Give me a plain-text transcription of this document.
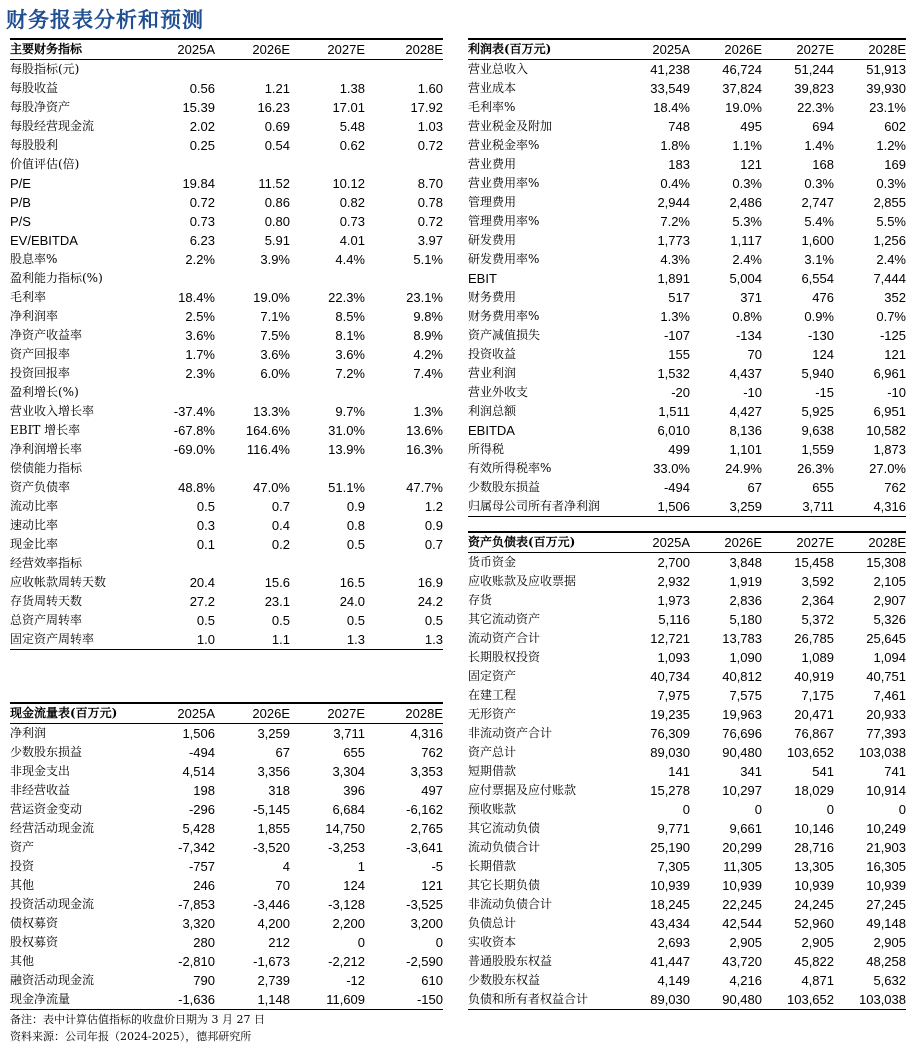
财务报表分析和预测
主要财务指标	2025A	2026E	2027E	2028E
每股指标(元)				
每股收益	0.56	1.21	1.38	1.60
每股净资产	15.39	16.23	17.01	17.92
每股经营现金流	2.02	0.69	5.48	1.03
每股股利	0.25	0.54	0.62	0.72
价值评估(倍)				
P/E	19.84	11.52	10.12	8.70
P/B	0.72	0.86	0.82	0.78
P/S	0.73	0.80	0.73	0.72
EV/EBITDA	6.23	5.91	4.01	3.97
股息率%	2.2%	3.9%	4.4%	5.1%
盈利能力指标(%)				
毛利率	18.4%	19.0%	22.3%	23.1%
净利润率	2.5%	7.1%	8.5%	9.8%
净资产收益率	3.6%	7.5%	8.1%	8.9%
资产回报率	1.7%	3.6%	3.6%	4.2%
投资回报率	2.3%	6.0%	7.2%	7.4%
盈利增长(%)				
营业收入增长率	-37.4%	13.3%	9.7%	1.3%
EBIT 增长率	-67.8%	164.6%	31.0%	13.6%
净利润增长率	-69.0%	116.4%	13.9%	16.3%
偿债能力指标				
资产负债率	48.8%	47.0%	51.1%	47.7%
流动比率	0.5	0.7	0.9	1.2
速动比率	0.3	0.4	0.8	0.9
现金比率	0.1	0.2	0.5	0.7
经营效率指标				
应收帐款周转天数	20.4	15.6	16.5	16.9
存货周转天数	27.2	23.1	24.0	24.2
总资产周转率	0.5	0.5	0.5	0.5
固定资产周转率	1.0	1.1	1.3	1.3
利润表(百万元)	2025A	2026E	2027E	2028E
营业总收入	41,238	46,724	51,244	51,913
营业成本	33,549	37,824	39,823	39,930
毛利率%	18.4%	19.0%	22.3%	23.1%
营业税金及附加	748	495	694	602
营业税金率%	1.8%	1.1%	1.4%	1.2%
营业费用	183	121	168	169
营业费用率%	0.4%	0.3%	0.3%	0.3%
管理费用	2,944	2,486	2,747	2,855
管理费用率%	7.2%	5.3%	5.4%	5.5%
研发费用	1,773	1,117	1,600	1,256
研发费用率%	4.3%	2.4%	3.1%	2.4%
EBIT	1,891	5,004	6,554	7,444
财务费用	517	371	476	352
财务费用率%	1.3%	0.8%	0.9%	0.7%
资产减值损失	-107	-134	-130	-125
投资收益	155	70	124	121
营业利润	1,532	4,437	5,940	6,961
营业外收支	-20	-10	-15	-10
利润总额	1,511	4,427	5,925	6,951
EBITDA	6,010	8,136	9,638	10,582
所得税	499	1,101	1,559	1,873
有效所得税率%	33.0%	24.9%	26.3%	27.0%
少数股东损益	-494	67	655	762
归属母公司所有者净利润	1,506	3,259	3,711	4,316
资产负债表(百万元)	2025A	2026E	2027E	2028E
货币资金	2,700	3,848	15,458	15,308
应收账款及应收票据	2,932	1,919	3,592	2,105
存货	1,973	2,836	2,364	2,907
其它流动资产	5,116	5,180	5,372	5,326
流动资产合计	12,721	13,783	26,785	25,645
长期股权投资	1,093	1,090	1,089	1,094
固定资产	40,734	40,812	40,919	40,751
在建工程	7,975	7,575	7,175	7,461
无形资产	19,235	19,963	20,471	20,933
非流动资产合计	76,309	76,696	76,867	77,393
资产总计	89,030	90,480	103,652	103,038
短期借款	141	341	541	741
应付票据及应付账款	15,278	10,297	18,029	10,914
预收账款	0	0	0	0
其它流动负债	9,771	9,661	10,146	10,249
流动负债合计	25,190	20,299	28,716	21,903
长期借款	7,305	11,305	13,305	16,305
其它长期负债	10,939	10,939	10,939	10,939
非流动负债合计	18,245	22,245	24,245	27,245
负债总计	43,434	42,544	52,960	49,148
实收资本	2,693	2,905	2,905	2,905
普通股股东权益	41,447	43,720	45,822	48,258
少数股东权益	4,149	4,216	4,871	5,632
负债和所有者权益合计	89,030	90,480	103,652	103,038
现金流量表(百万元)	2025A	2026E	2027E	2028E
净利润	1,506	3,259	3,711	4,316
少数股东损益	-494	67	655	762
非现金支出	4,514	3,356	3,304	3,353
非经营收益	198	318	396	497
营运资金变动	-296	-5,145	6,684	-6,162
经营活动现金流	5,428	1,855	14,750	2,765
资产	-7,342	-3,520	-3,253	-3,641
投资	-757	4	1	-5
其他	246	70	124	121
投资活动现金流	-7,853	-3,446	-3,128	-3,525
债权募资	3,320	4,200	2,200	3,200
股权募资	280	212	0	0
其他	-2,810	-1,673	-2,212	-2,590
融资活动现金流	790	2,739	-12	610
现金净流量	-1,636	1,148	11,609	-150
备注：表中计算估值指标的收盘价日期为 3 月 27 日
资料来源：公司年报（2024-2025），德邦研究所
